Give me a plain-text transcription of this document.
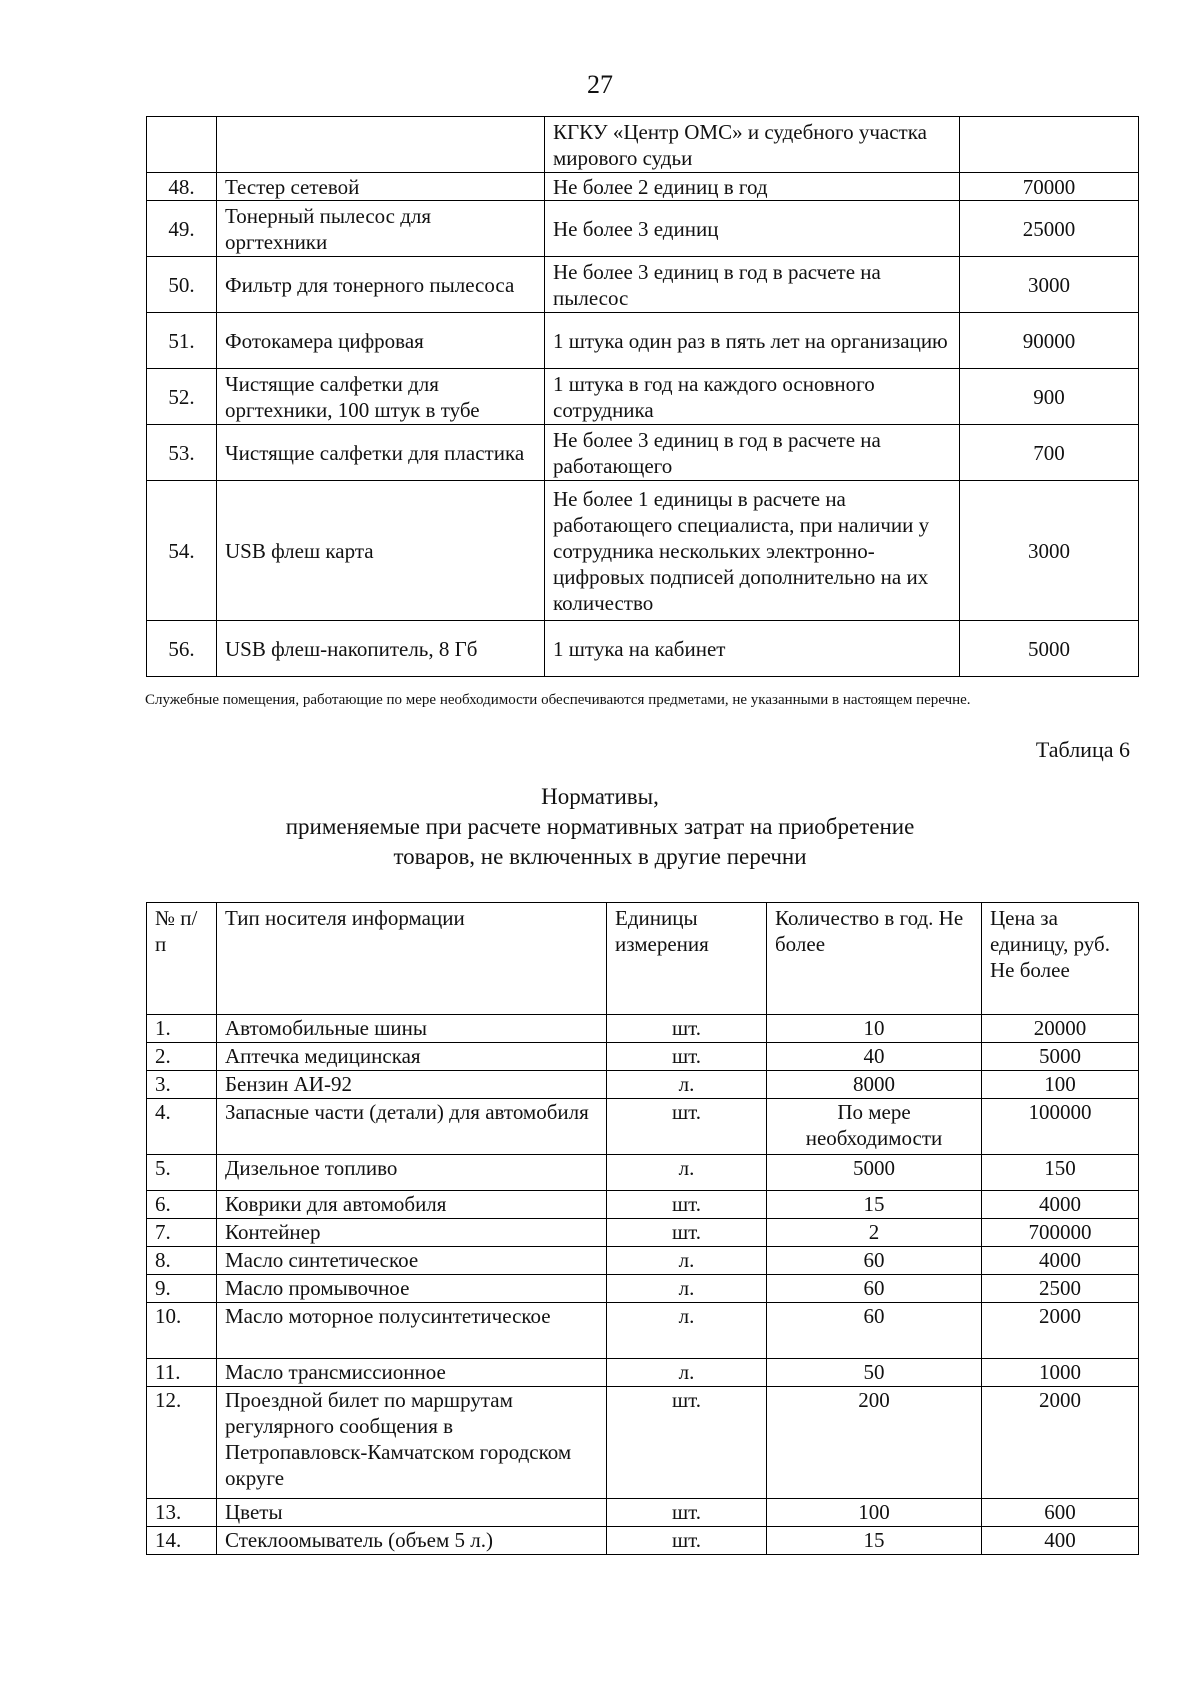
27
		КГКУ «Центр ОМС» и судебного участка мирового судьи	
48.	Тестер сетевой	Не более 2 единиц в год	70000
49.	Тонерный пылесос для оргтехники	Не более 3 единиц	25000
50.	Фильтр для тонерного пылесоса	Не более 3 единиц в год в расчете на пылесос	3000
51.	Фотокамера цифровая	1 штука один раз в пять лет на организацию	90000
52.	Чистящие салфетки для оргтехники, 100 штук в тубе	1 штука в год на каждого основного сотрудника	900
53.	Чистящие салфетки для пластика	Не более 3 единиц в год в расчете на работающего	700
54.	USB флеш карта	Не более 1 единицы в расчете на работающего специалиста, при наличии у сотрудника нескольких электронно-цифровых подписей дополнительно на их количество	3000
56.	USB флеш-накопитель, 8 Гб	1 штука на кабинет	5000
Служебные помещения, работающие по мере необходимости обеспечиваются предметами, не указанными в настоящем перечне.
Таблица 6
Нормативы,
применяемые при расчете нормативных затрат на приобретение
товаров, не включенных в другие перечни
№ п/п	Тип носителя информации	Единицы измерения	Количество в год. Не более	Цена за единицу, руб. Не более
1.	Автомобильные шины	шт.	10	20000
2.	Аптечка медицинская	шт.	40	5000
3.	Бензин АИ-92	л.	8000	100
4.	Запасные части (детали) для автомобиля	шт.	По мере необходимости	100000
5.	Дизельное топливо	л.	5000	150
6.	Коврики для автомобиля	шт.	15	4000
7.	Контейнер	шт.	2	700000
8.	Масло синтетическое	л.	60	4000
9.	Масло промывочное	л.	60	2500
10.	Масло моторное полусинтетическое	л.	60	2000
11.	Масло трансмиссионное	л.	50	1000
12.	Проездной билет по маршрутам регулярного сообщения в Петропавловск-Камчатском городском округе	шт.	200	2000
13.	Цветы	шт.	100	600
14.	Стеклоомыватель (объем 5 л.)	шт.	15	400
